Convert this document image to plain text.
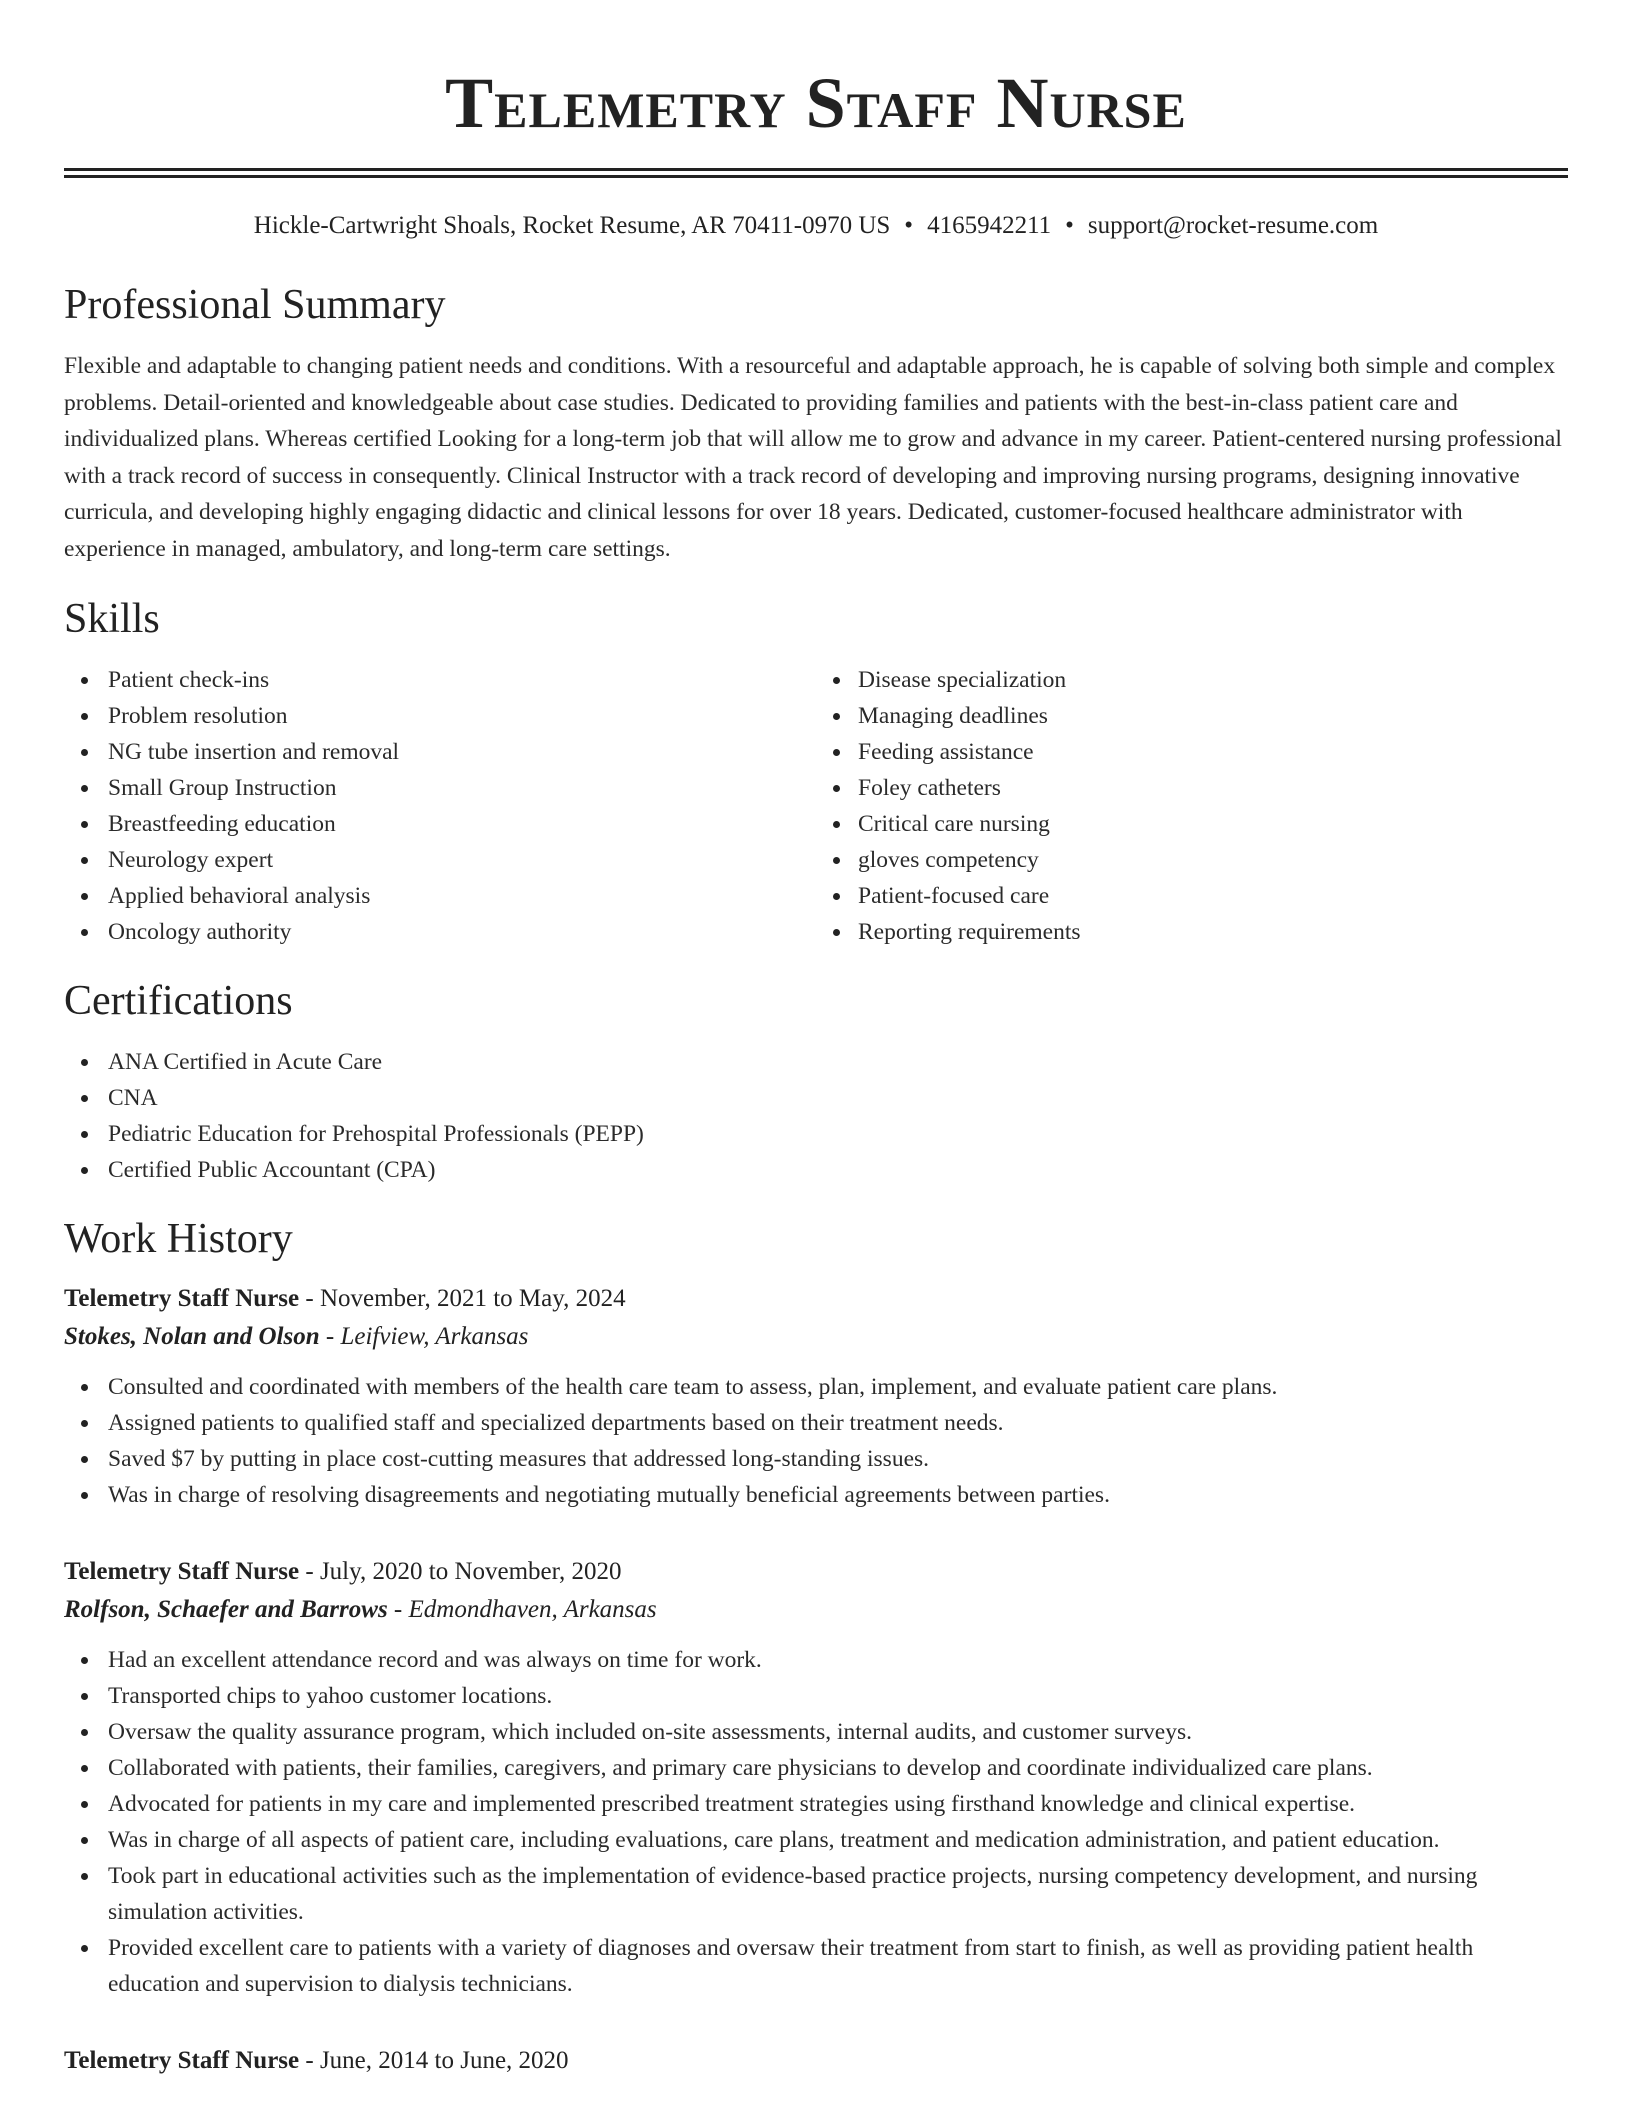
Telemetry Staff Nurse
Hickle-Cartwright Shoals, Rocket Resume, AR 70411-0970 US • 4165942211 • support@rocket-resume.com
Professional Summary

Flexible and adaptable to changing patient needs and conditions. With a resourceful and adaptable approach, he is capable of solving both simple and complex problems. Detail-oriented and knowledgeable about case studies. Dedicated to providing families and patients with the best-in-class patient care and individualized plans. Whereas certified Looking for a long-term job that will allow me to grow and advance in my career. Patient-centered nursing professional with a track record of success in consequently. Clinical Instructor with a track record of developing and improving nursing programs, designing innovative curricula, and developing highly engaging didactic and clinical lessons for over 18 years. Dedicated, customer-focused healthcare administrator with experience in managed, ambulatory, and long-term care settings.

Skills
Patient check-ins
Problem resolution
NG tube insertion and removal
Small Group Instruction
Breastfeeding education
Neurology expert
Applied behavioral analysis
Oncology authority
Disease specialization
Managing deadlines
Feeding assistance
Foley catheters
Critical care nursing
gloves competency
Patient-focused care
Reporting requirements
Certifications
ANA Certified in Acute Care
CNA
Pediatric Education for Prehospital Professionals (PEPP)
Certified Public Accountant (CPA)
Work History
Telemetry Staff Nurse - November, 2021 to May, 2024
Stokes, Nolan and Olson - Leifview, Arkansas
Consulted and coordinated with members of the health care team to assess, plan, implement, and evaluate patient care plans.
Assigned patients to qualified staff and specialized departments based on their treatment needs.
Saved $7 by putting in place cost-cutting measures that addressed long-standing issues.
Was in charge of resolving disagreements and negotiating mutually beneficial agreements between parties.
Telemetry Staff Nurse - July, 2020 to November, 2020
Rolfson, Schaefer and Barrows - Edmondhaven, Arkansas
Had an excellent attendance record and was always on time for work.
Transported chips to yahoo customer locations.
Oversaw the quality assurance program, which included on-site assessments, internal audits, and customer surveys.
Collaborated with patients, their families, caregivers, and primary care physicians to develop and coordinate individualized care plans.
Advocated for patients in my care and implemented prescribed treatment strategies using firsthand knowledge and clinical expertise.
Was in charge of all aspects of patient care, including evaluations, care plans, treatment and medication administration, and patient education.
Took part in educational activities such as the implementation of evidence-based practice projects, nursing competency development, and nursing simulation activities.
Provided excellent care to patients with a variety of diagnoses and oversaw their treatment from start to finish, as well as providing patient health education and supervision to dialysis technicians.
Telemetry Staff Nurse - June, 2014 to June, 2020
